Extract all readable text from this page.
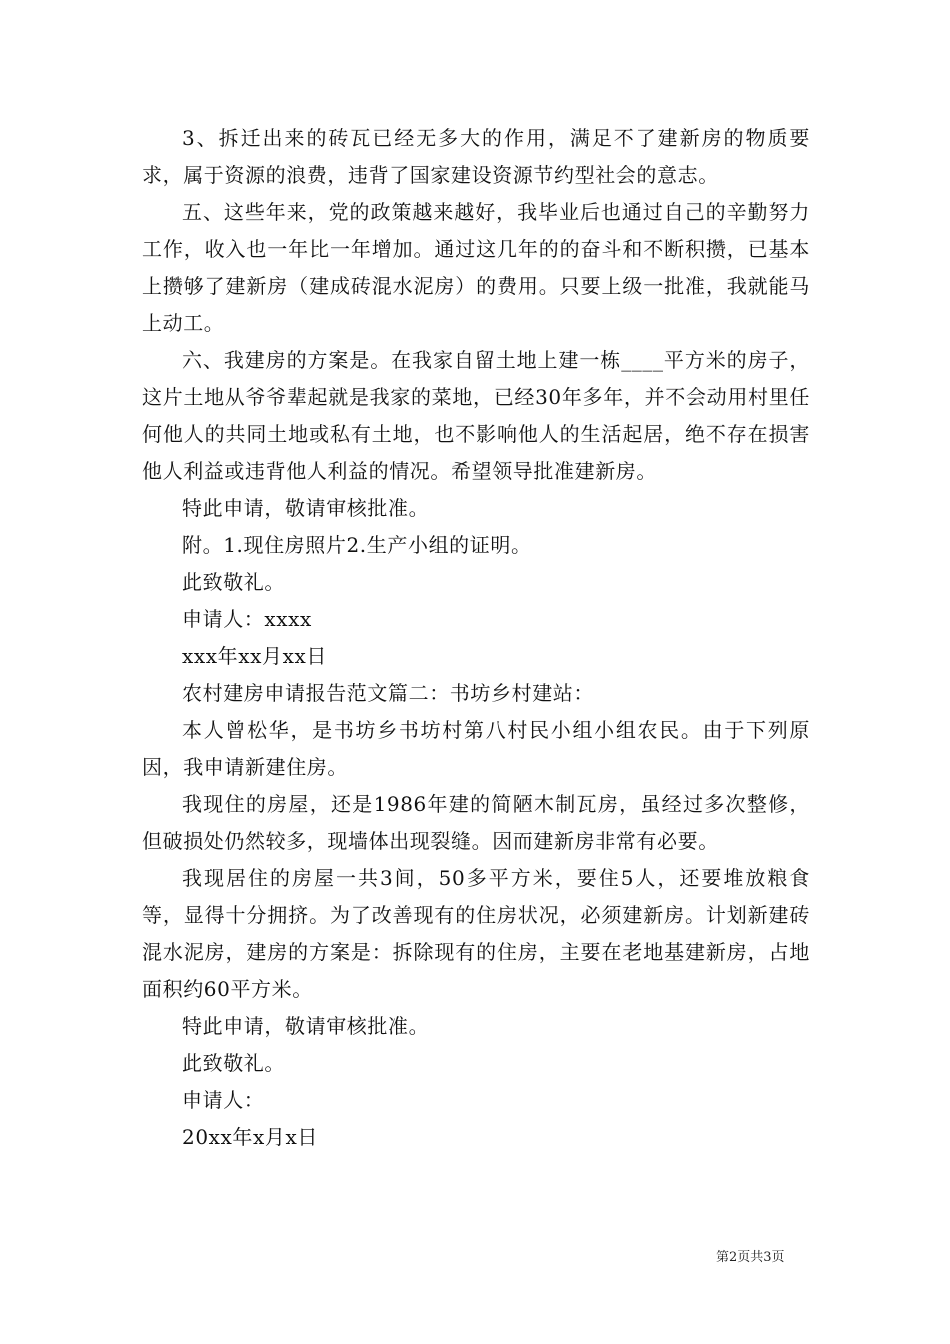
3、拆迁出来的砖瓦已经无多大的作用，满足不了建新房的物质要求，属于资源的浪费，违背了国家建设资源节约型社会的意志。

五、这些年来，党的政策越来越好，我毕业后也通过自己的辛勤努力工作，收入也一年比一年增加。通过这几年的的奋斗和不断积攒，已基本上攒够了建新房（建成砖混水泥房）的费用。只要上级一批准，我就能马上动工。

六、我建房的方案是。在我家自留土地上建一栋____平方米的房子，这片土地从爷爷辈起就是我家的菜地，已经30年多年，并不会动用村里任何他人的共同土地或私有土地，也不影响他人的生活起居，绝不存在损害他人利益或违背他人利益的情况。希望领导批准建新房。

特此申请，敬请审核批准。

附。1.现住房照片2.生产小组的证明。

此致敬礼。

申请人：xxxx

xxx年xx月xx日

农村建房申请报告范文篇二：书坊乡村建站：

本人曾松华，是书坊乡书坊村第八村民小组小组农民。由于下列原因，我申请新建住房。

我现住的房屋，还是1986年建的简陋木制瓦房，虽经过多次整修，但破损处仍然较多，现墙体出现裂缝。因而建新房非常有必要。

我现居住的房屋一共3间，50多平方米，要住5人，还要堆放粮食等，显得十分拥挤。为了改善现有的住房状况，必须建新房。计划新建砖混水泥房，建房的方案是：拆除现有的住房，主要在老地基建新房，占地面积约60平方米。

特此申请，敬请审核批准。

此致敬礼。

申请人：

20xx年x月x日

第2页共3页
